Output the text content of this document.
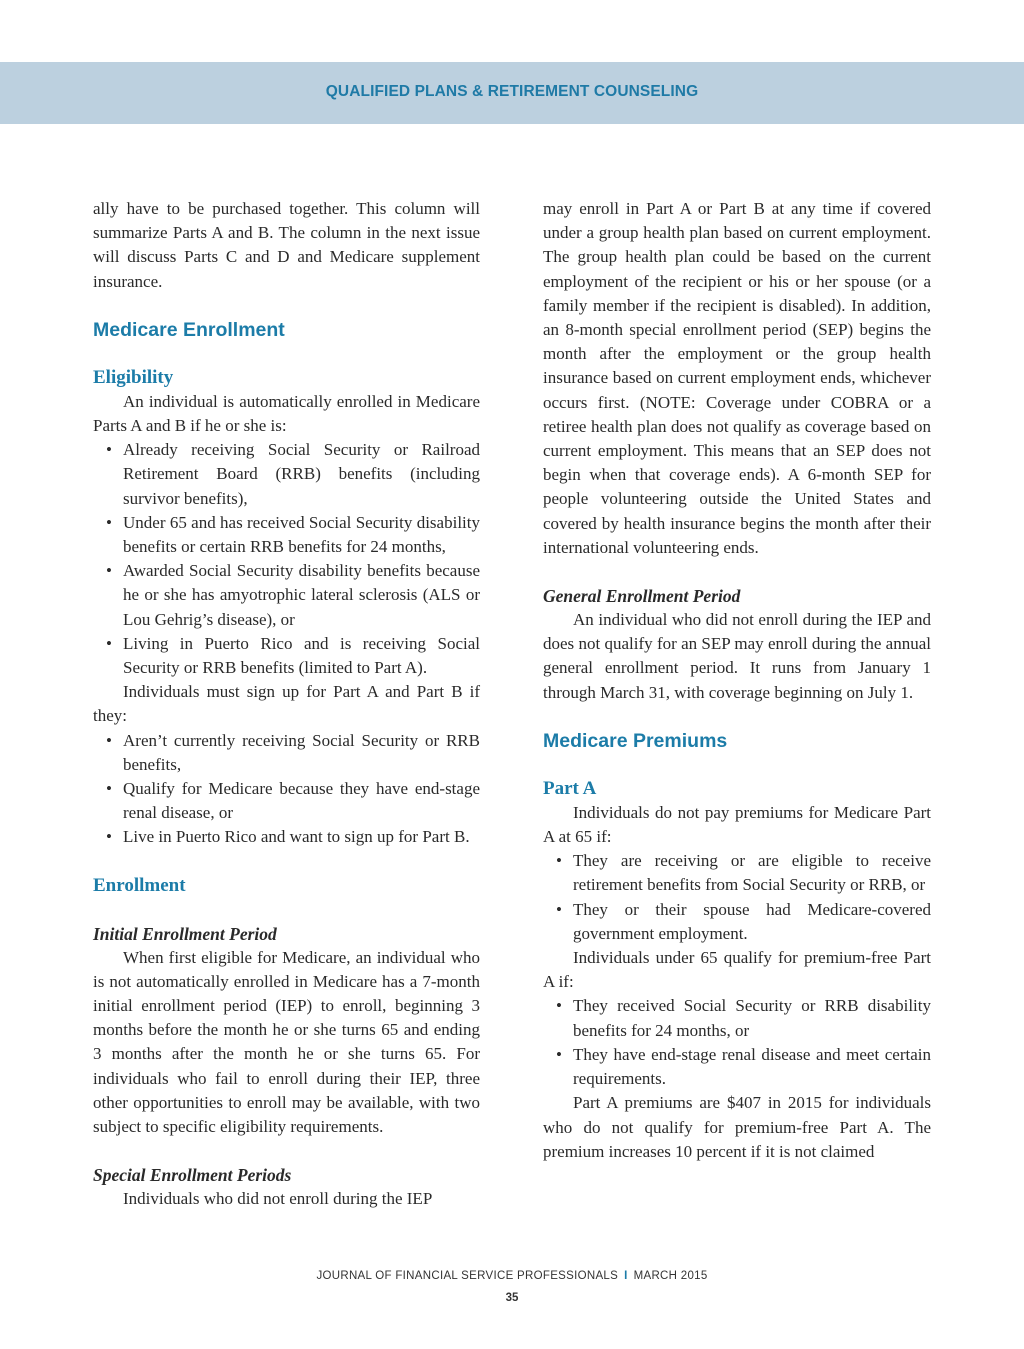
QUALIFIED PLANS & RETIREMENT COUNSELING

ally have to be purchased together. This column will summarize Parts A and B. The column in the next issue will discuss Parts C and D and Medicare supplement insurance.

Medicare Enrollment
Eligibility

An individual is automatically enrolled in Medicare Parts A and B if he or she is:

• Already receiving Social Security or Railroad Retirement Board (RRB) benefits (including survivor benefits),
• Under 65 and has received Social Security disability benefits or certain RRB benefits for 24 months,
• Awarded Social Security disability benefits because he or she has amyotrophic lateral sclerosis (ALS or Lou Gehrig’s disease), or
• Living in Puerto Rico and is receiving Social Security or RRB benefits (limited to Part A).

Individuals must sign up for Part A and Part B if they:

• Aren’t currently receiving Social Security or RRB benefits,
• Qualify for Medicare because they have end-stage renal disease, or
• Live in Puerto Rico and want to sign up for Part B.
Enrollment
Initial Enrollment Period

When first eligible for Medicare, an individual who is not automatically enrolled in Medicare has a 7-month initial enrollment period (IEP) to enroll, beginning 3 months before the month he or she turns 65 and ending 3 months after the month he or she turns 65. For individuals who fail to enroll during their IEP, three other opportunities to enroll may be available, with two subject to specific eligibility requirements.

Special Enrollment Periods

Individuals who did not enroll during the IEP

may enroll in Part A or Part B at any time if covered under a group health plan based on current employment. The group health plan could be based on the current employment of the recipient or his or her spouse (or a family member if the recipient is disabled). In addition, an 8-month special enrollment period (SEP) begins the month after the employment or the group health insurance based on current employment ends, whichever occurs first. (NOTE: Coverage under COBRA or a retiree health plan does not qualify as coverage based on current employment. This means that an SEP does not begin when that coverage ends). A 6-month SEP for people volunteering outside the United States and covered by health insurance begins the month after their international volunteering ends.

General Enrollment Period

An individual who did not enroll during the IEP and does not qualify for an SEP may enroll during the annual general enrollment period. It runs from January 1 through March 31, with coverage beginning on July 1.

Medicare Premiums
Part A

Individuals do not pay premiums for Medicare Part A at 65 if:

• They are receiving or are eligible to receive retirement benefits from Social Security or RRB, or
• They or their spouse had Medicare-covered government employment.

Individuals under 65 qualify for premium-free Part A if:

• They received Social Security or RRB disability benefits for 24 months, or
• They have end-stage renal disease and meet certain requirements.

Part A premiums are $407 in 2015 for individuals who do not qualify for premium-free Part A. The premium increases 10 percent if it is not claimed

JOURNAL OF FINANCIAL SERVICE PROFESSIONALS I MARCH 2015
35
